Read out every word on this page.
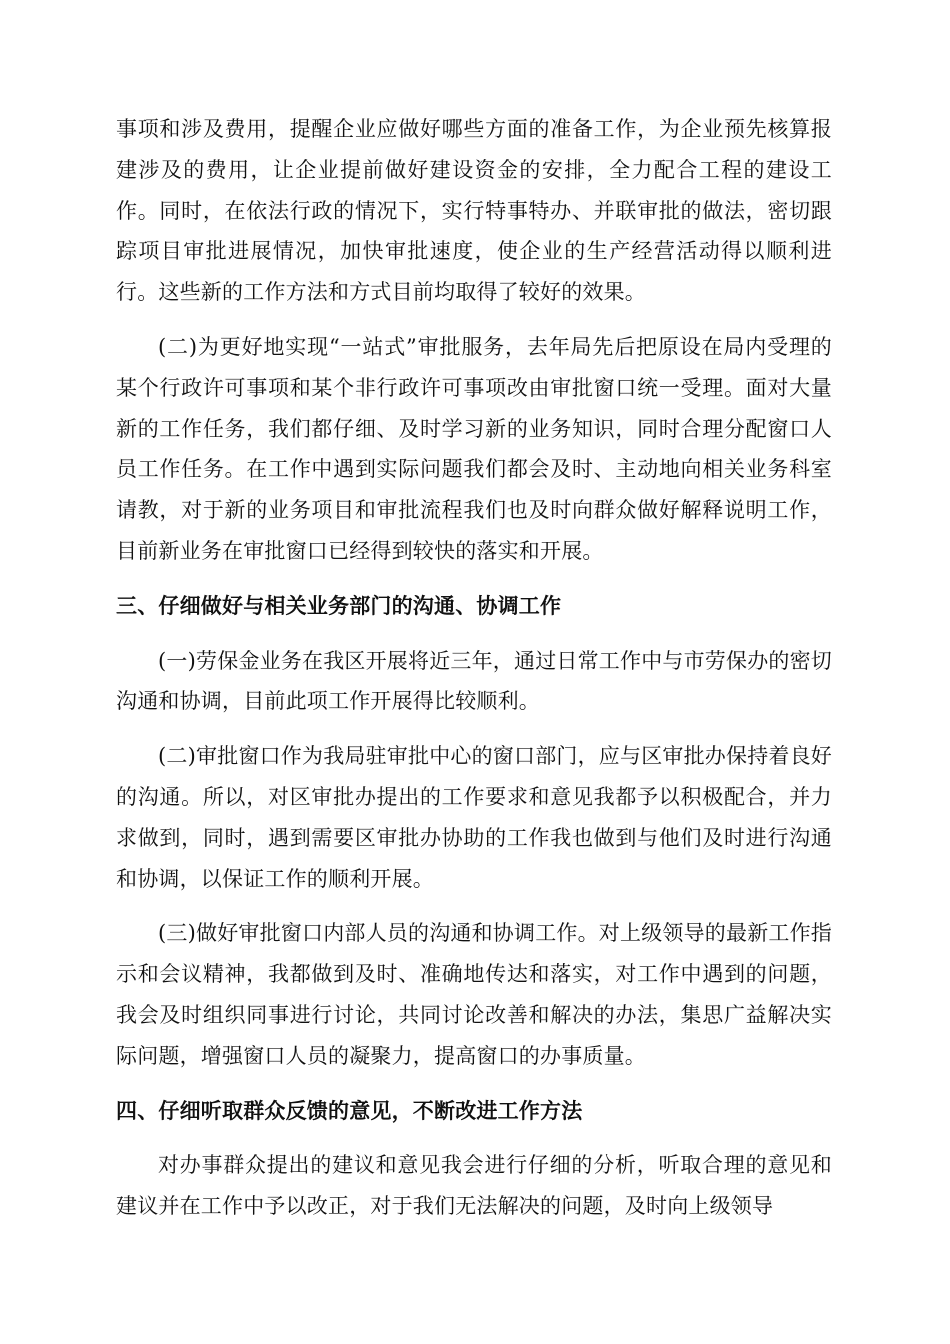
事项和涉及费用，提醒企业应做好哪些方面的准备工作，为企业预先核算报建涉及的费用，让企业提前做好建设资金的安排，全力配合工程的建设工作。同时，在依法行政的情况下，实行特事特办、并联审批的做法，密切跟踪项目审批进展情况，加快审批速度，使企业的生产经营活动得以顺利进行。这些新的工作方法和方式目前均取得了较好的效果。

(二)为更好地实现“一站式”审批服务，去年局先后把原设在局内受理的某个行政许可事项和某个非行政许可事项改由审批窗口统一受理。面对大量新的工作任务，我们都仔细、及时学习新的业务知识，同时合理分配窗口人员工作任务。在工作中遇到实际问题我们都会及时、主动地向相关业务科室请教，对于新的业务项目和审批流程我们也及时向群众做好解释说明工作，目前新业务在审批窗口已经得到较快的落实和开展。

三、仔细做好与相关业务部门的沟通、协调工作

(一)劳保金业务在我区开展将近三年，通过日常工作中与市劳保办的密切沟通和协调，目前此项工作开展得比较顺利。

(二)审批窗口作为我局驻审批中心的窗口部门，应与区审批办保持着良好的沟通。所以，对区审批办提出的工作要求和意见我都予以积极配合，并力求做到，同时，遇到需要区审批办协助的工作我也做到与他们及时进行沟通和协调，以保证工作的顺利开展。

(三)做好审批窗口内部人员的沟通和协调工作。对上级领导的最新工作指示和会议精神，我都做到及时、准确地传达和落实，对工作中遇到的问题，我会及时组织同事进行讨论，共同讨论改善和解决的办法，集思广益解决实际问题，增强窗口人员的凝聚力，提高窗口的办事质量。

四、仔细听取群众反馈的意见，不断改进工作方法

对办事群众提出的建议和意见我会进行仔细的分析，听取合理的意见和建议并在工作中予以改正，对于我们无法解决的问题，及时向上级领导
